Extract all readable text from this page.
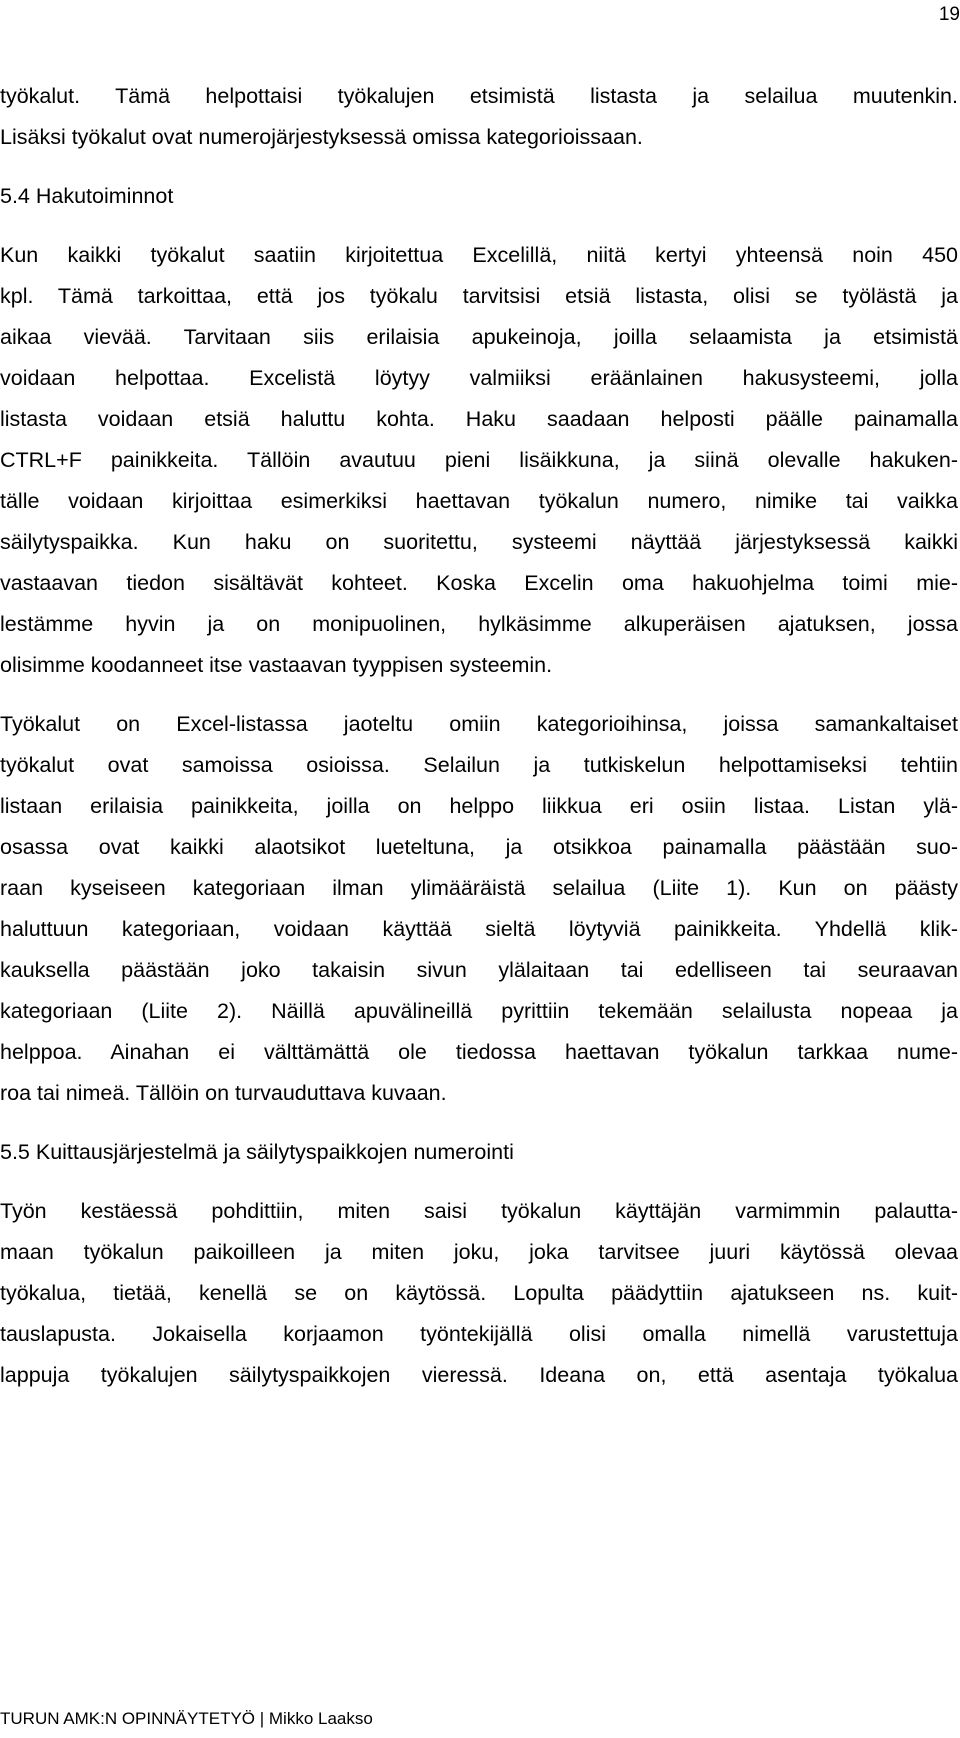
19
työkalut. Tämä helpottaisi työkalujen etsimistä listasta ja selailua muutenkin.
Lisäksi työkalut ovat numerojärjestyksessä omissa kategorioissaan.
5.4 Hakutoiminnot
Kun kaikki työkalut saatiin kirjoitettua Excelillä, niitä kertyi yhteensä noin 450
kpl. Tämä tarkoittaa, että jos työkalu tarvitsisi etsiä listasta, olisi se työlästä ja
aikaa vievää. Tarvitaan siis erilaisia apukeinoja, joilla selaamista ja etsimistä
voidaan helpottaa. Excelistä löytyy valmiiksi eräänlainen hakusysteemi, jolla
listasta voidaan etsiä haluttu kohta. Haku saadaan helposti päälle painamalla
CTRL+F painikkeita. Tällöin avautuu pieni lisäikkuna, ja siinä olevalle hakuken-
tälle voidaan kirjoittaa esimerkiksi haettavan työkalun numero, nimike tai vaikka
säilytyspaikka. Kun haku on suoritettu, systeemi näyttää järjestyksessä kaikki
vastaavan tiedon sisältävät kohteet. Koska Excelin oma hakuohjelma toimi mie-
lestämme hyvin ja on monipuolinen, hylkäsimme alkuperäisen ajatuksen, jossa
olisimme koodanneet itse vastaavan tyyppisen systeemin.
Työkalut on Excel-listassa jaoteltu omiin kategorioihinsa, joissa samankaltaiset
työkalut ovat samoissa osioissa. Selailun ja tutkiskelun helpottamiseksi tehtiin
listaan erilaisia painikkeita, joilla on helppo liikkua eri osiin listaa. Listan ylä-
osassa ovat kaikki alaotsikot lueteltuna, ja otsikkoa painamalla päästään suo-
raan kyseiseen kategoriaan ilman ylimääräistä selailua (Liite 1). Kun on päästy
haluttuun kategoriaan, voidaan käyttää sieltä löytyviä painikkeita. Yhdellä klik-
kauksella päästään joko takaisin sivun ylälaitaan tai edelliseen tai seuraavan
kategoriaan (Liite 2). Näillä apuvälineillä pyrittiin tekemään selailusta nopeaa ja
helppoa. Ainahan ei välttämättä ole tiedossa haettavan työkalun tarkkaa nume-
roa tai nimeä. Tällöin on turvauduttava kuvaan.
5.5 Kuittausjärjestelmä ja säilytyspaikkojen numerointi
Työn kestäessä pohdittiin, miten saisi työkalun käyttäjän varmimmin palautta-
maan työkalun paikoilleen ja miten joku, joka tarvitsee juuri käytössä olevaa
työkalua, tietää, kenellä se on käytössä. Lopulta päädyttiin ajatukseen ns. kuit-
tauslapusta. Jokaisella korjaamon työntekijällä olisi omalla nimellä varustettuja
lappuja työkalujen säilytyspaikkojen vieressä. Ideana on, että asentaja työkalua
TURUN AMK:N OPINNÄYTETYÖ | Mikko Laakso
